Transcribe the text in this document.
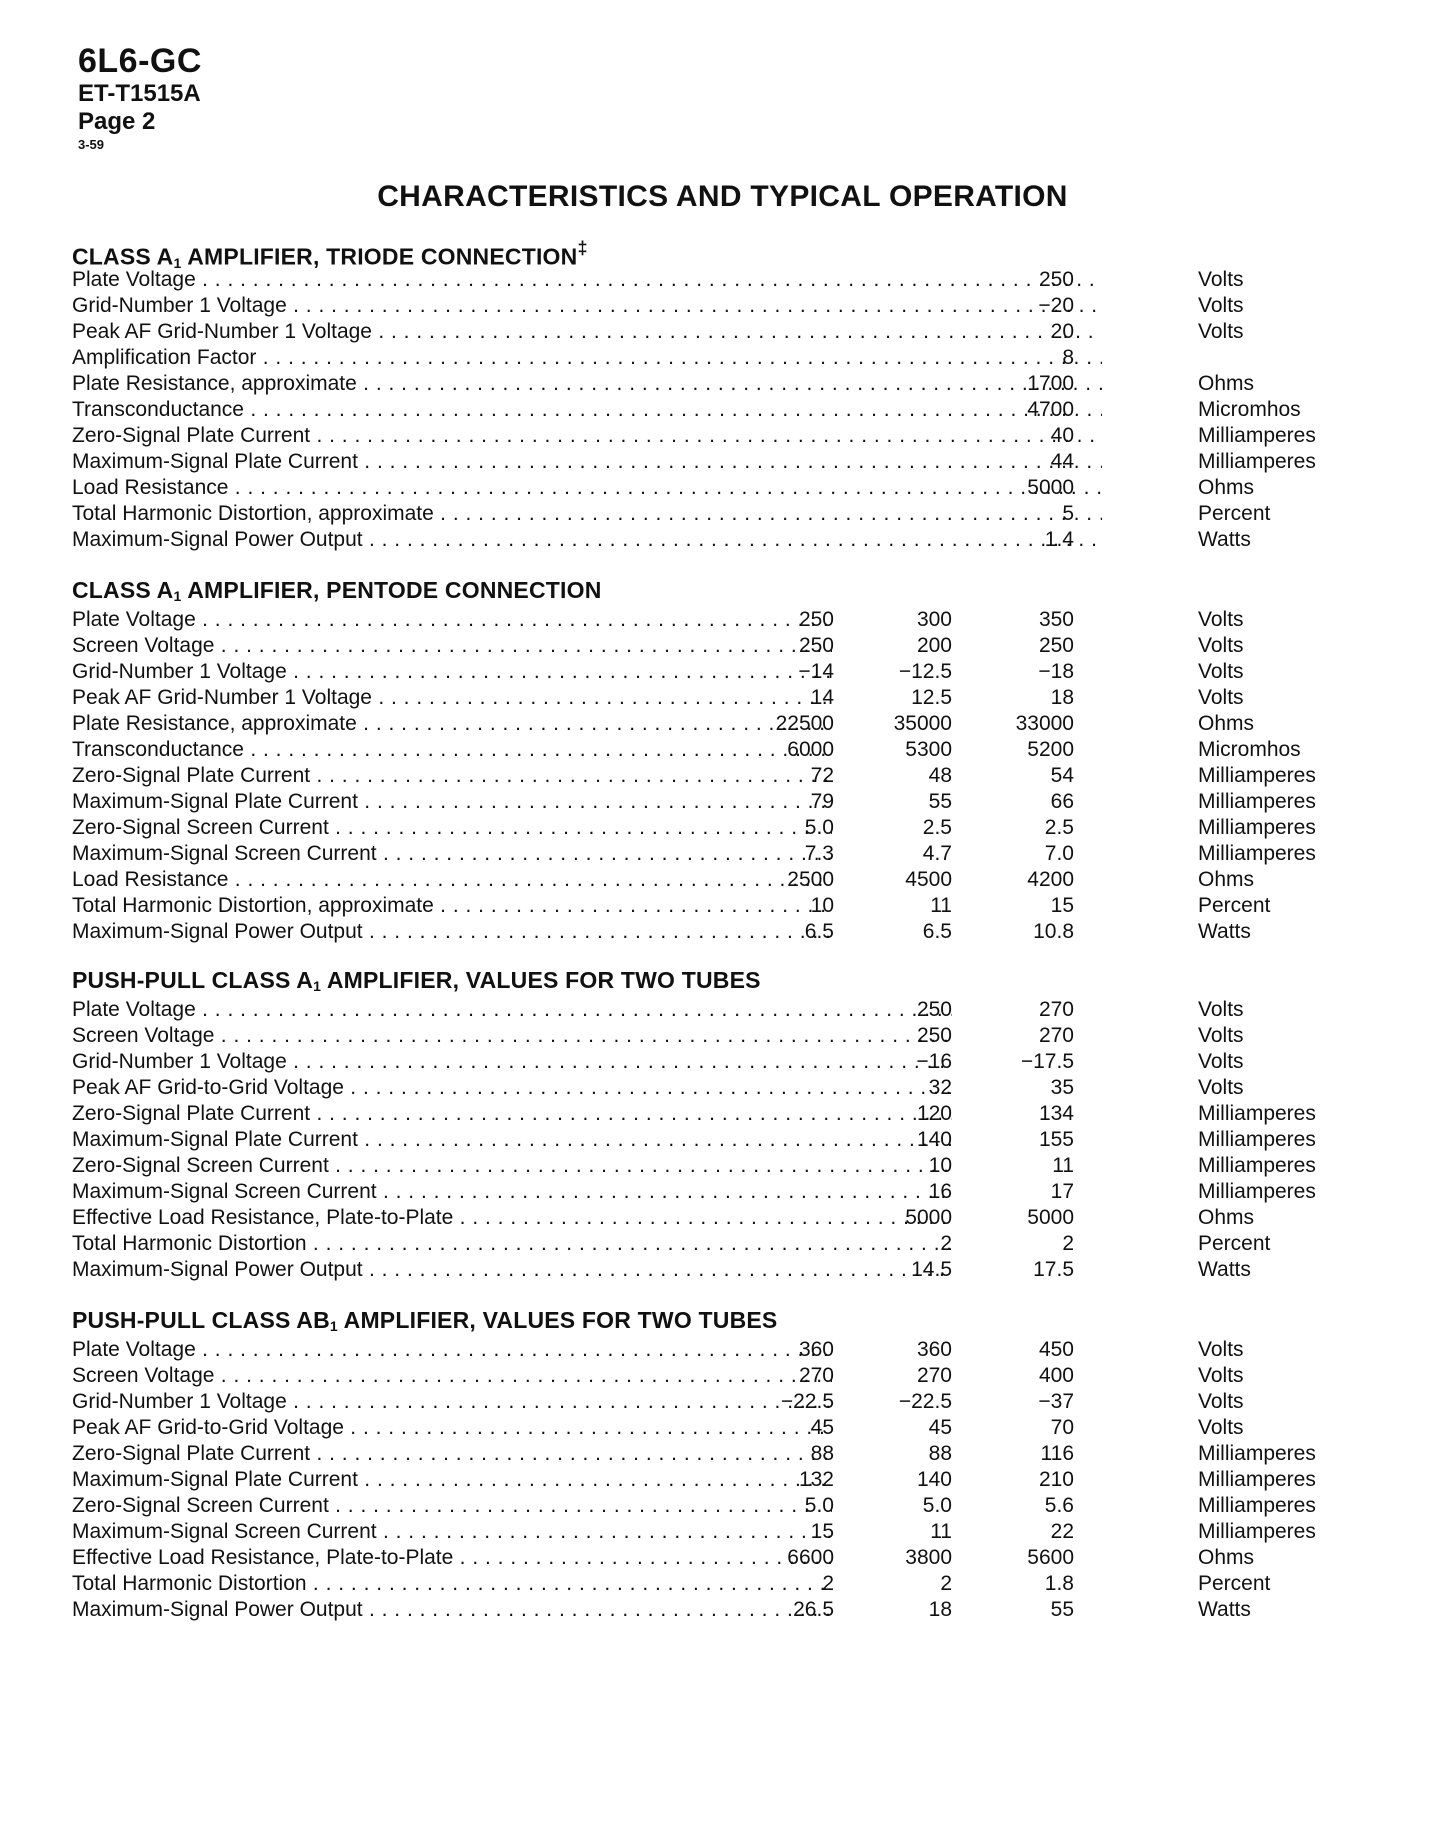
6L6-GC
ET-T1515A
Page 2
3-59
CHARACTERISTICS AND TYPICAL OPERATION
CLASS $A_1$ AMPLIFIER, TRIODE CONNECTION‡
Plate Voltage . . .	250	Volts
Grid-Number 1 Voltage . . .	−20	Volts
Peak AF Grid-Number 1 Voltage . . .	20	Volts
Amplification Factor . . .	8
Plate Resistance, approximate . . .	1700	Ohms
Transconductance . . .	4700	Micromhos
Zero-Signal Plate Current . . .	40	Milliamperes
Maximum-Signal Plate Current . . .	44	Milliamperes
Load Resistance . . .	5000	Ohms
Total Harmonic Distortion, approximate . . .	5	Percent
Maximum-Signal Power Output . . .	1.4	Watts
CLASS $A_1$ AMPLIFIER, PENTODE CONNECTION
Plate Voltage . . .	250	300	350	Volts
Screen Voltage . . .	250	200	250	Volts
Grid-Number 1 Voltage . . .	−14	−12.5	−18	Volts
Peak AF Grid-Number 1 Voltage . . .	14	12.5	18	Volts
Plate Resistance, approximate . . .	22500	35000	33000	Ohms
Transconductance . . .	6000	5300	5200	Micromhos
Zero-Signal Plate Current . . .	72	48	54	Milliamperes
Maximum-Signal Plate Current . . .	79	55	66	Milliamperes
Zero-Signal Screen Current . . .	5.0	2.5	2.5	Milliamperes
Maximum-Signal Screen Current . . .	7.3	4.7	7.0	Milliamperes
Load Resistance . . .	2500	4500	4200	Ohms
Total Harmonic Distortion, approximate . . .	10	11	15	Percent
Maximum-Signal Power Output . . .	6.5	6.5	10.8	Watts
PUSH-PULL CLASS $A_1$ AMPLIFIER, VALUES FOR TWO TUBES
Plate Voltage . . .	250	270	Volts
Screen Voltage . . .	250	270	Volts
Grid-Number 1 Voltage . . .	−16	−17.5	Volts
Peak AF Grid-to-Grid Voltage . . .	32	35	Volts
Zero-Signal Plate Current . . .	120	134	Milliamperes
Maximum-Signal Plate Current . . .	140	155	Milliamperes
Zero-Signal Screen Current . . .	10	11	Milliamperes
Maximum-Signal Screen Current . . .	16	17	Milliamperes
Effective Load Resistance, Plate-to-Plate . . .	5000	5000	Ohms
Total Harmonic Distortion . . .	2	2	Percent
Maximum-Signal Power Output . . .	14.5	17.5	Watts
PUSH-PULL CLASS $AB_1$ AMPLIFIER, VALUES FOR TWO TUBES
Plate Voltage . . .	360	360	450	Volts
Screen Voltage . . .	270	270	400	Volts
Grid-Number 1 Voltage . . .	−22.5	−22.5	−37	Volts
Peak AF Grid-to-Grid Voltage . . .	45	45	70	Volts
Zero-Signal Plate Current . . .	88	88	116	Milliamperes
Maximum-Signal Plate Current . . .	132	140	210	Milliamperes
Zero-Signal Screen Current . . .	5.0	5.0	5.6	Milliamperes
Maximum-Signal Screen Current . . .	15	11	22	Milliamperes
Effective Load Resistance, Plate-to-Plate . . .	6600	3800	5600	Ohms
Total Harmonic Distortion . . .	2	2	1.8	Percent
Maximum-Signal Power Output . . .	26.5	18	55	Watts
